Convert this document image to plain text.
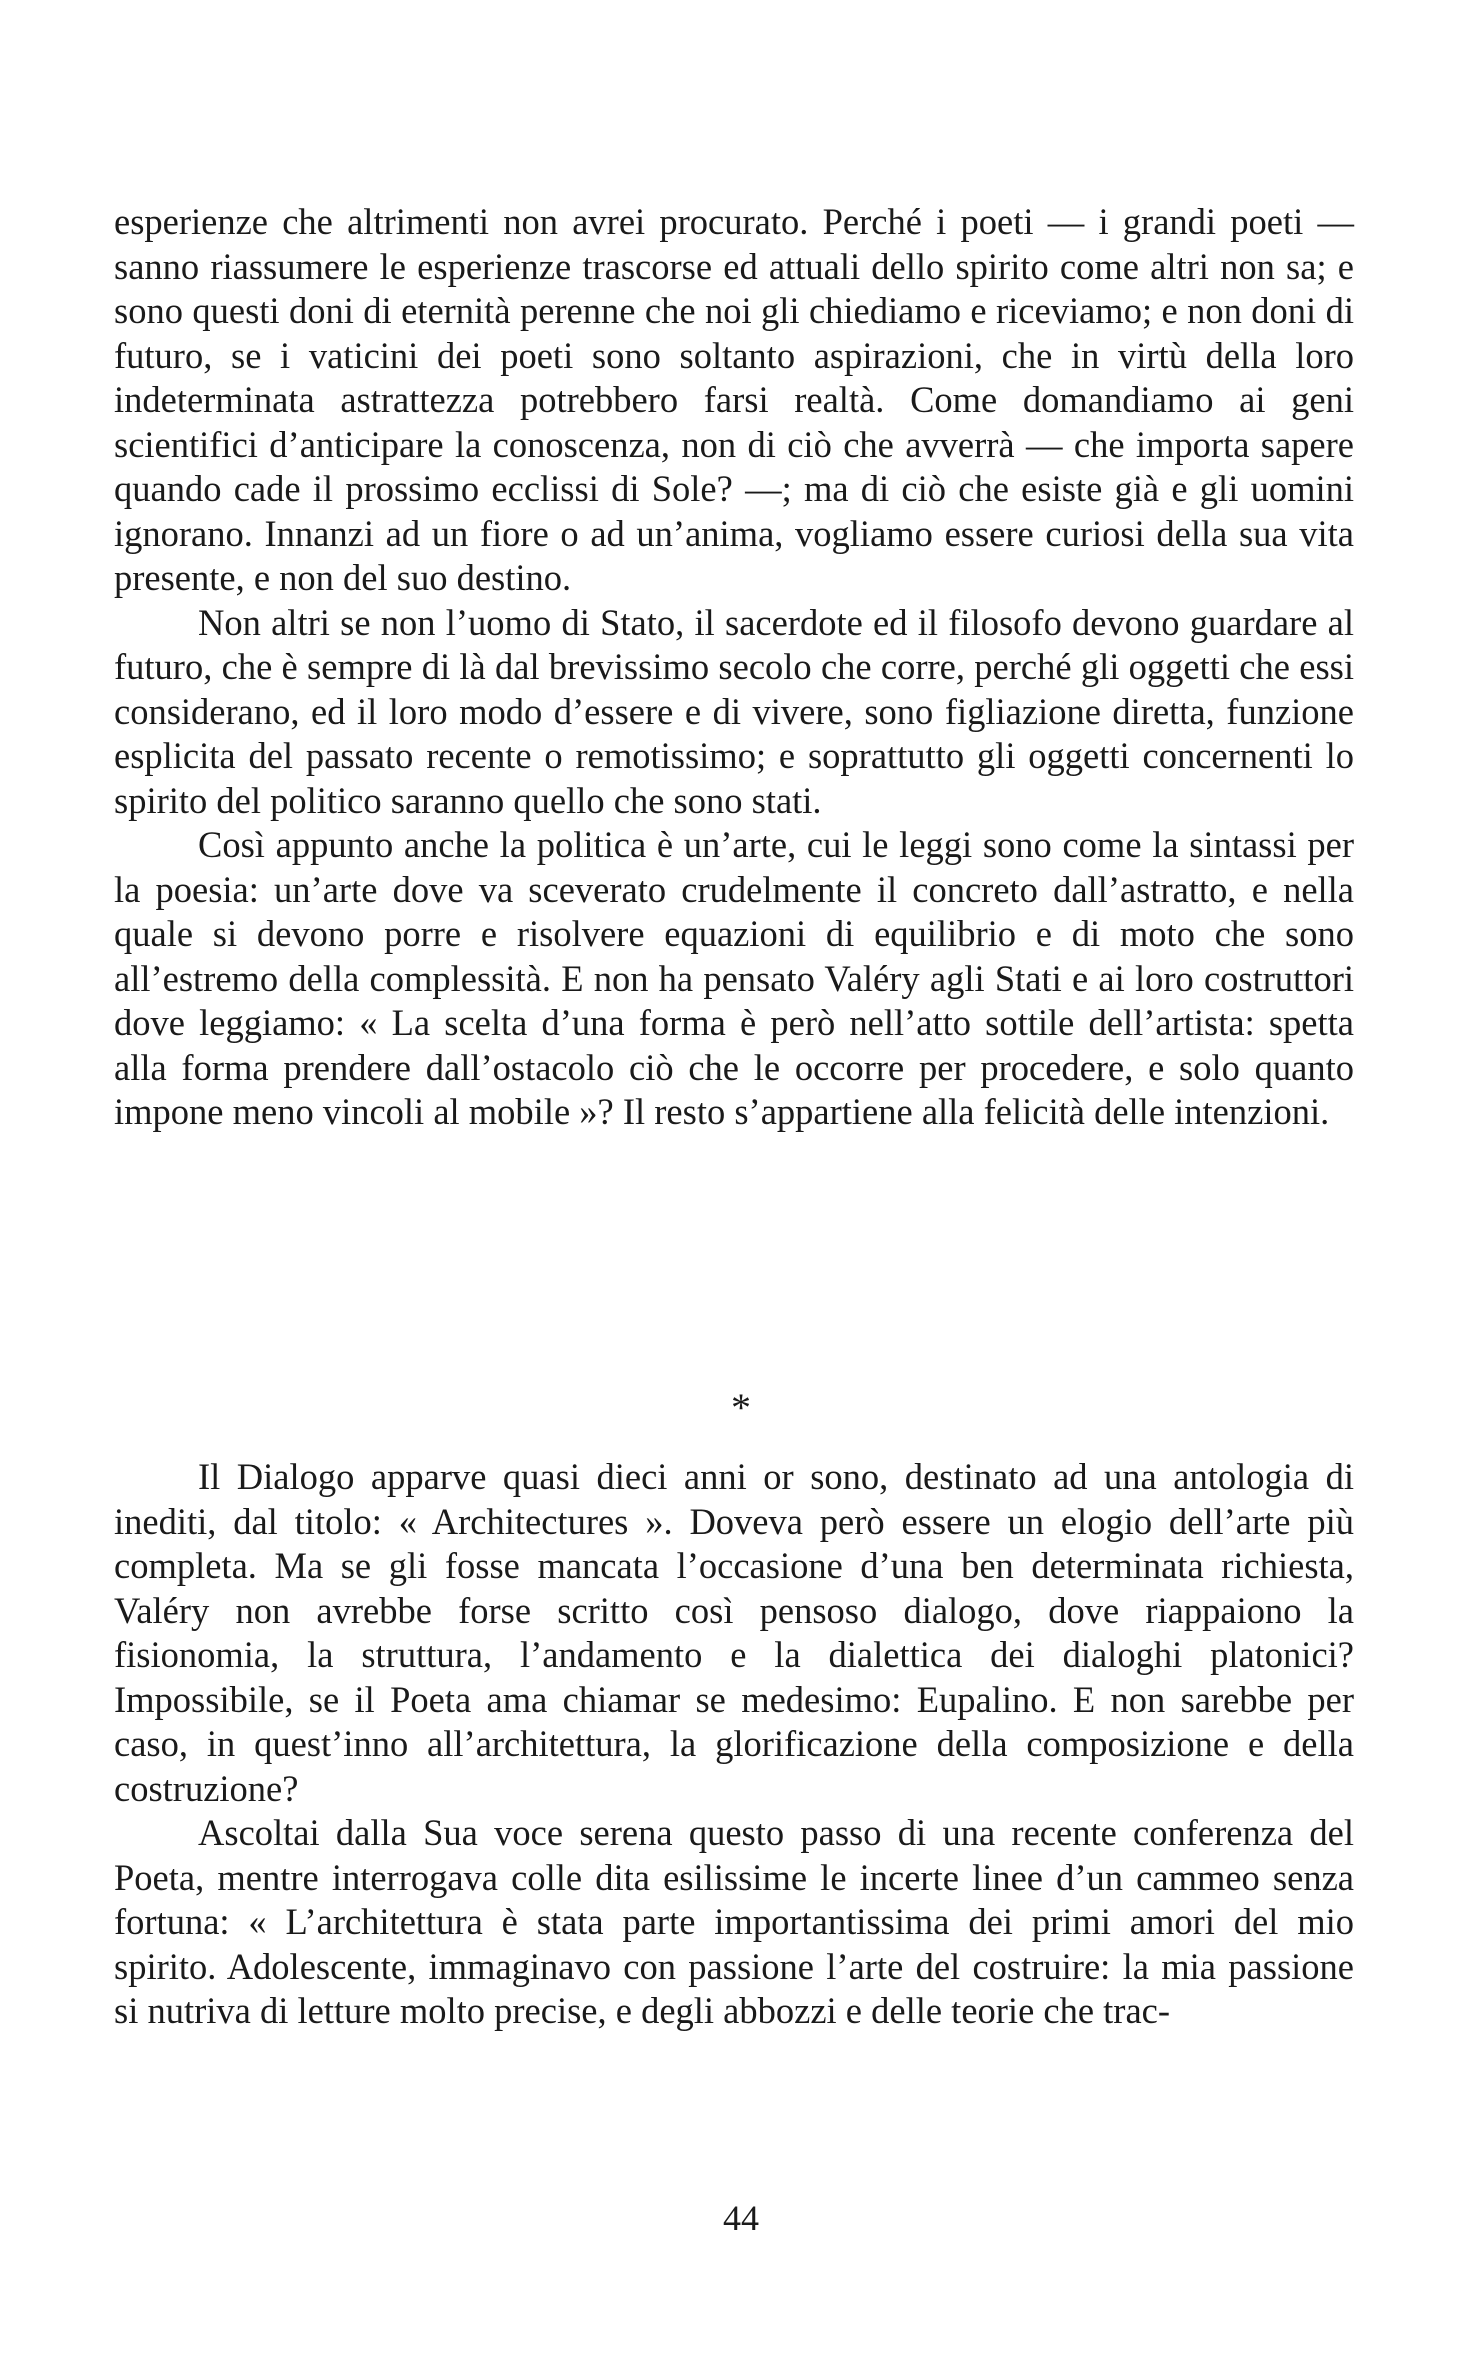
esperienze che altrimenti non avrei procurato. Perché i poeti — i grandi poeti — sanno riassumere le esperienze trascorse ed attuali dello spirito come altri non sa; e sono questi doni di eternità perenne che noi gli chiediamo e riceviamo; e non doni di futuro, se i vaticini dei poeti sono soltanto aspirazioni, che in virtù della loro indeterminata astrattezza potrebbero farsi realtà. Come domandiamo ai geni scientifici d’anticipare la conoscenza, non di ciò che avverrà — che importa sapere quando cade il prossimo ecclissi di Sole? —; ma di ciò che esiste già e gli uomini ignorano. Innanzi ad un fiore o ad un’anima, vogliamo essere curiosi della sua vita presente, e non del suo destino.

Non altri se non l’uomo di Stato, il sacerdote ed il filosofo devono guardare al futuro, che è sempre di là dal brevissimo secolo che corre, perché gli oggetti che essi considerano, ed il loro modo d’essere e di vivere, sono figliazione diretta, funzione esplicita del passato recente o remotissimo; e soprattutto gli oggetti concernenti lo spirito del politico saranno quello che sono stati.

Così appunto anche la politica è un’arte, cui le leggi sono come la sintassi per la poesia: un’arte dove va sceverato crudelmente il concreto dall’astratto, e nella quale si devono porre e risolvere equazioni di equilibrio e di moto che sono all’estremo della complessità. E non ha pensato Valéry agli Stati e ai loro costruttori dove leggiamo: « La scelta d’una forma è però nell’atto sottile dell’artista: spetta alla forma prendere dall’ostacolo ciò che le occorre per procedere, e solo quanto impone meno vincoli al mobile »? Il resto s’appartiene alla felicità delle intenzioni.

*

Il Dialogo apparve quasi dieci anni or sono, destinato ad una antologia di inediti, dal titolo: « Architectures ». Doveva però essere un elogio dell’arte più completa. Ma se gli fosse mancata l’occasione d’una ben determinata richiesta, Valéry non avrebbe forse scritto così pensoso dialogo, dove riappaiono la fisionomia, la struttura, l’andamento e la dialettica dei dialoghi platonici? Impossibile, se il Poeta ama chiamar se medesimo: Eupalino. E non sarebbe per caso, in quest’inno all’architettura, la glorificazione della composizione e della costruzione?

Ascoltai dalla Sua voce serena questo passo di una recente conferenza del Poeta, mentre interrogava colle dita esilissime le incerte linee d’un cammeo senza fortuna: « L’architettura è stata parte importantissima dei primi amori del mio spirito. Adolescente, immaginavo con passione l’arte del costruire: la mia passione si nutriva di letture molto precise, e degli abbozzi e delle teorie che trac-

44
